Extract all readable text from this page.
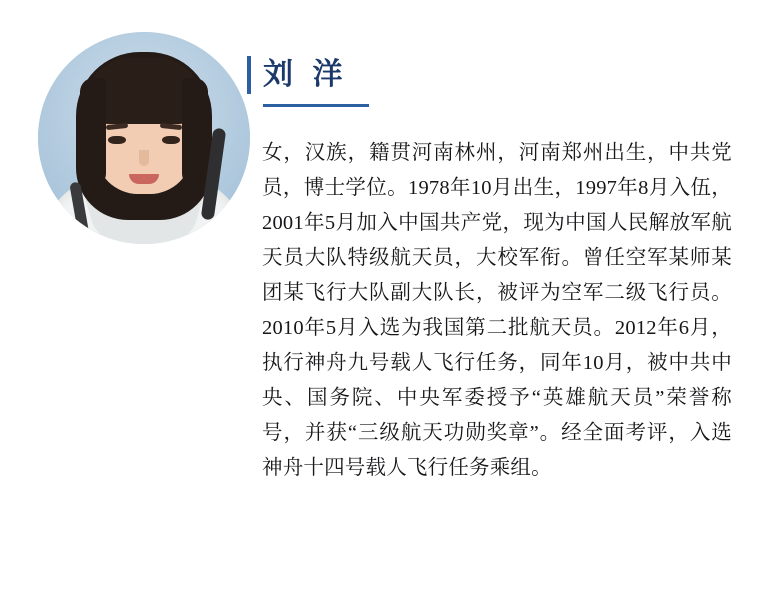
刘 洋
女，汉族，籍贯河南林州，河南郑州出生，中共党员，博士学位。1978年10月出生，1997年8月入伍，2001年5月加入中国共产党，现为中国人民解放军航天员大队特级航天员，大校军衔。曾任空军某师某团某飞行大队副大队长，被评为空军二级飞行员。2010年5月入选为我国第二批航天员。2012年6月，执行神舟九号载人飞行任务，同年10月，被中共中央、国务院、中央军委授予“英雄航天员”荣誉称号，并获“三级航天功勋奖章”。经全面考评，入选神舟十四号载人飞行任务乘组。
